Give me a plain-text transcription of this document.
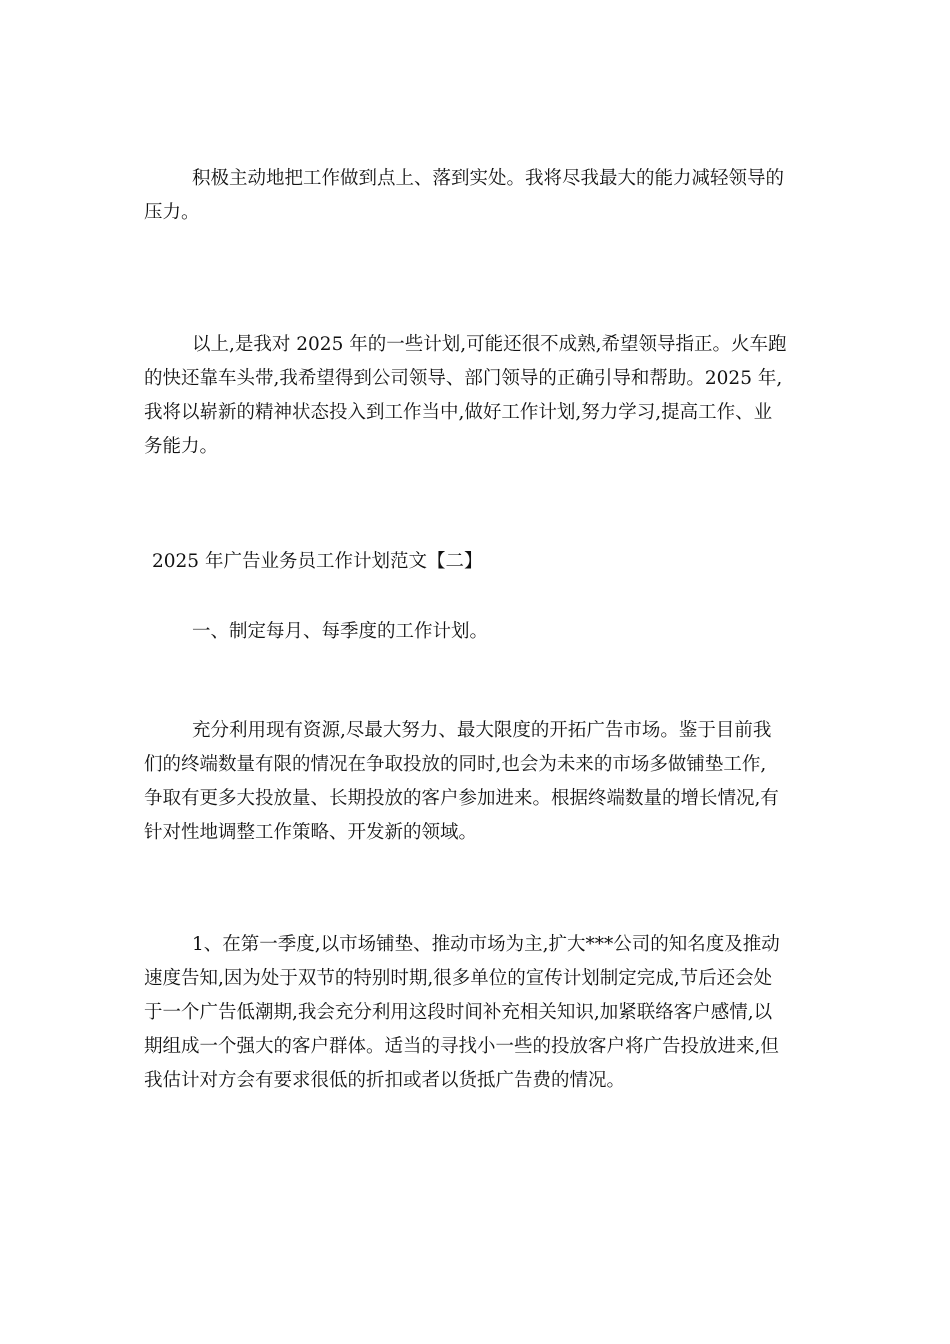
积极主动地把工作做到点上、落到实处。我将尽我最大的能力减轻领导的
压力。
以上,是我对 2025 年的一些计划,可能还很不成熟,希望领导指正。火车跑
的快还靠车头带,我希望得到公司领导、部门领导的正确引导和帮助。2025 年,
我将以崭新的精神状态投入到工作当中,做好工作计划,努力学习,提高工作、业
务能力。
2025 年广告业务员工作计划范文【二】
一、制定每月、每季度的工作计划。
充分利用现有资源,尽最大努力、最大限度的开拓广告市场。鉴于目前我
们的终端数量有限的情况在争取投放的同时,也会为未来的市场多做铺垫工作,
争取有更多大投放量、长期投放的客户参加进来。根据终端数量的增长情况,有
针对性地调整工作策略、开发新的领域。
1、在第一季度,以市场铺垫、推动市场为主,扩大***公司的知名度及推动
速度告知,因为处于双节的特别时期,很多单位的宣传计划制定完成,节后还会处
于一个广告低潮期,我会充分利用这段时间补充相关知识,加紧联络客户感情,以
期组成一个强大的客户群体。适当的寻找小一些的投放客户将广告投放进来,但
我估计对方会有要求很低的折扣或者以货抵广告费的情况。
